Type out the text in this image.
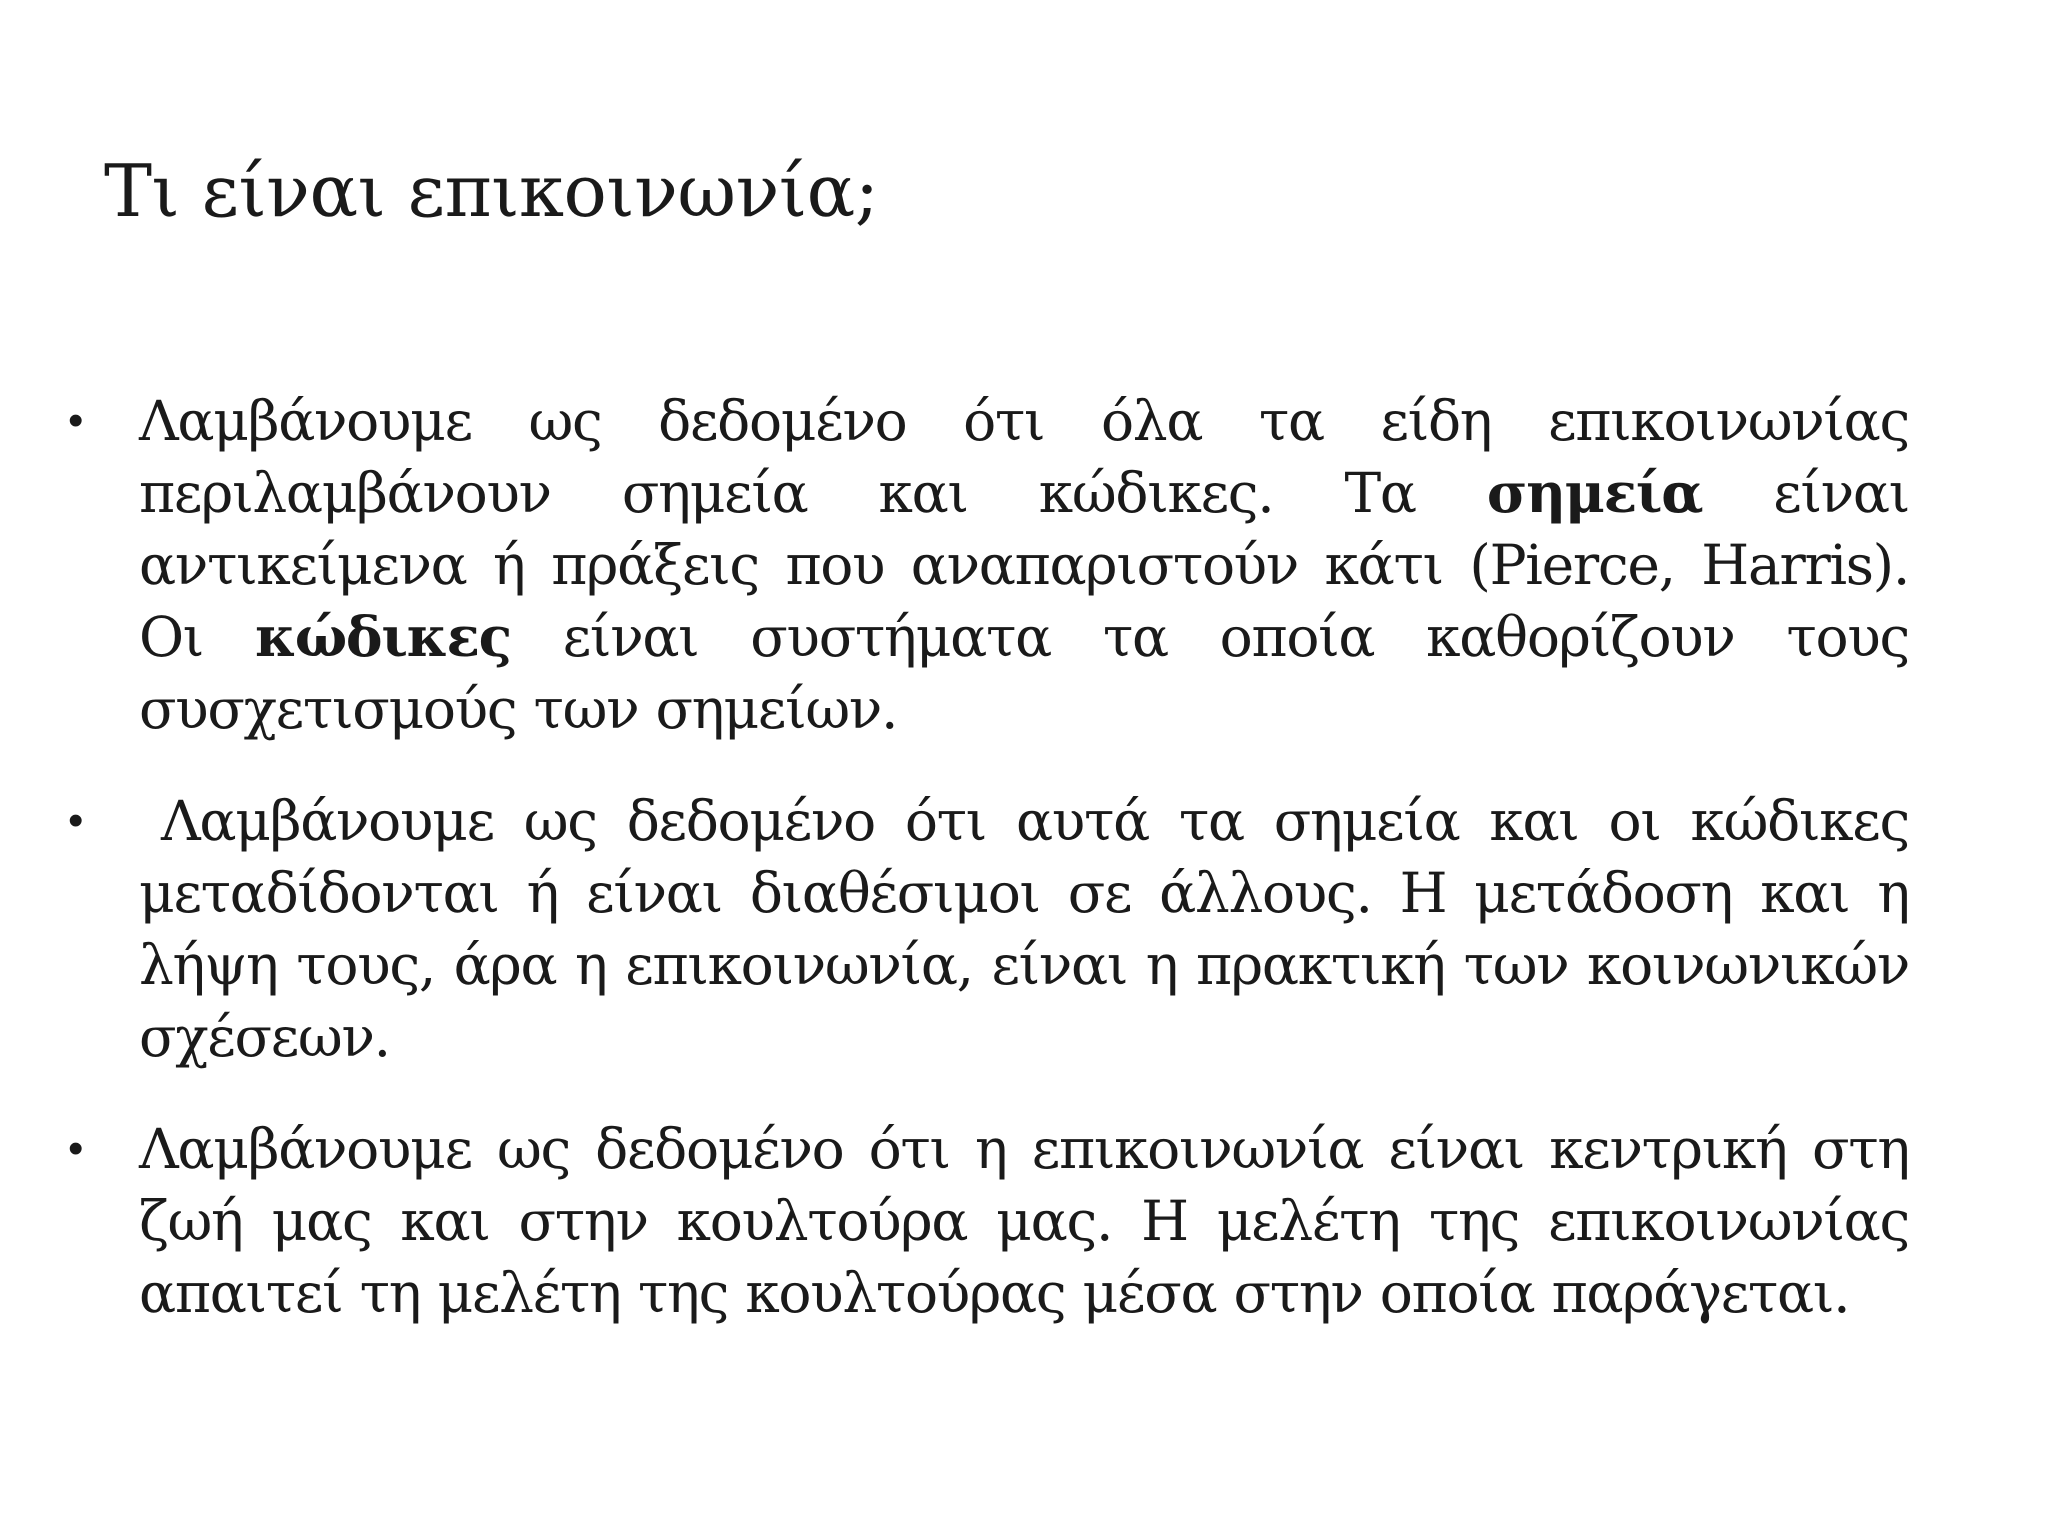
Τι είναι επικοινωνία;
• Λαμβάνουμε ως δεδομένο ότι όλα τα είδη επικοινωνίας περιλαμβάνουν σημεία και κώδικες. Τα σημεία είναι αντικείμενα ή πράξεις που αναπαριστούν κάτι (Pierce, Harris). Οι κώδικες είναι συστήματα τα οποία καθορίζουν τους συσχετισμούς των σημείων.
•	Λαμβάνουμε ως δεδομένο ότι αυτά τα σημεία και οι κώδικες μεταδίδονται ή είναι διαθέσιμοι σε άλλους. Η μετάδοση και η λήψη τους, άρα η επικοινωνία, είναι η πρακτική των κοινωνικών σχέσεων.
• Λαμβάνουμε ως δεδομένο ότι η επικοινωνία είναι κεντρική στη ζωή μας και στην κουλτούρα μας. Η μελέτη της επικοινωνίας απαιτεί τη μελέτη της κουλτούρας μέσα στην οποία παράγεται.
